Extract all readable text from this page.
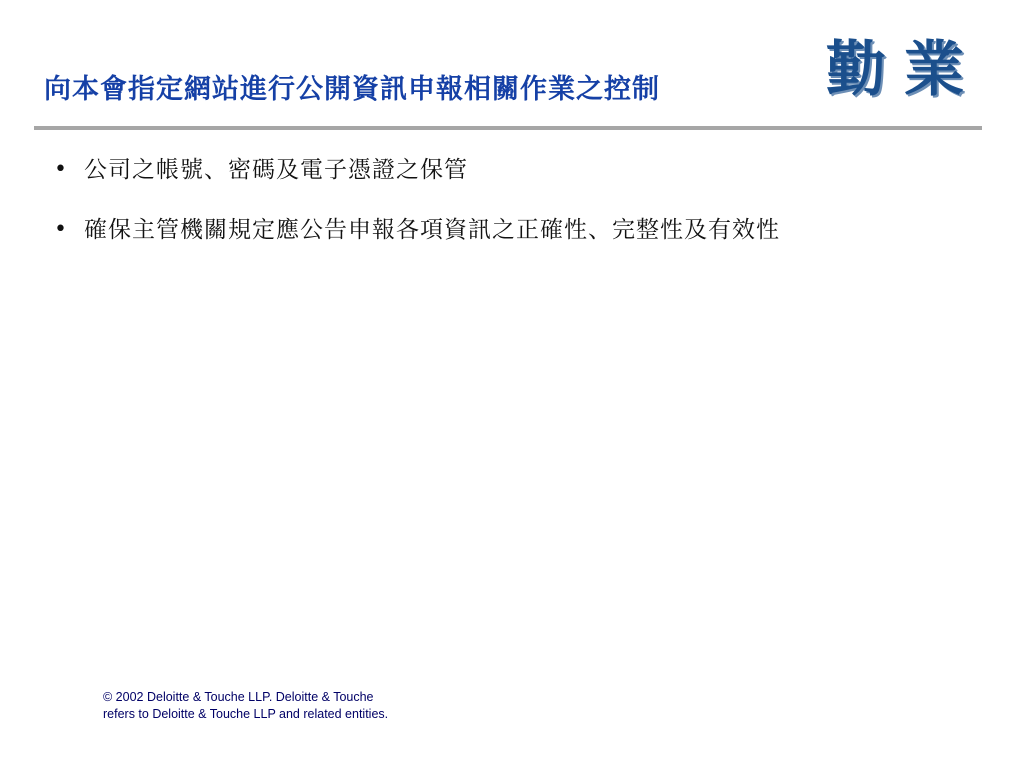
向本會指定網站進行公開資訊申報相關作業之控制	勤業
• 公司之帳號、密碼及電子憑證之保管
• 確保主管機關規定應公告申報各項資訊之正確性、完整性及有效性
© 2002 Deloitte & Touche LLP. Deloitte & Touche
refers to Deloitte & Touche LLP and related entities.
